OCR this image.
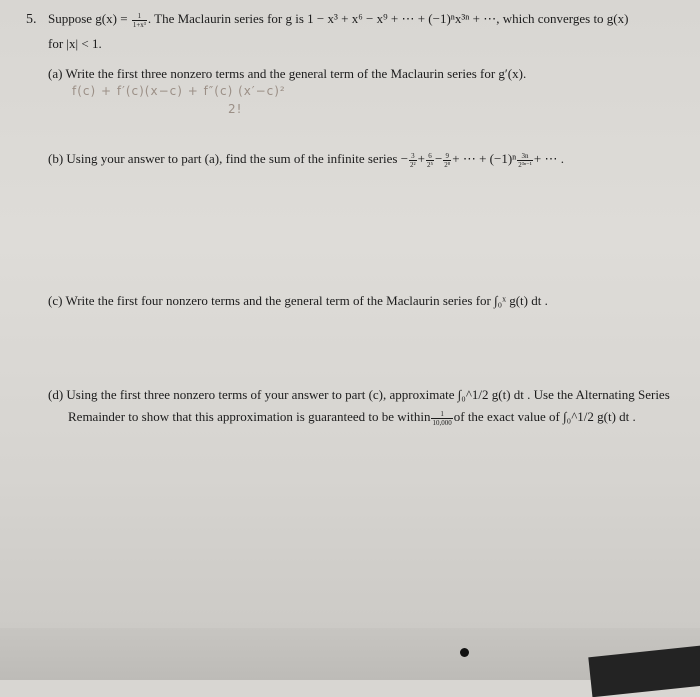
5. Suppose $g(x) = \frac{1}{\text{1+x³}}$ . The Maclaurin series for g is 1 − x³ + x⁶ − x⁹ + ⋯ + (−1)ⁿx³ⁿ + ⋯, which converges to g(x)
for |x| < 1.
(a) Write the first three nonzero terms and the general term of the Maclaurin series for g′(x).
f(c) + f′(c)(x−c) + f″(c) (x′−c)²
2!
(b) Using your answer to part (a), find the sum of the infinite series − $\frac{3}{\text{2²}} + \frac{6}{\text{2⁵}} - \frac{9}{\text{2⁸}}$ + ⋯ + $(-1)^n \frac{3n}{\text{2³ⁿ⁻¹}}$ + ⋯ .
(c) Write the first four nonzero terms and the general term of the Maclaurin series for ∫₀ˣ g(t) dt .
(d) Using the first three nonzero terms of your answer to part (c), approximate ∫₀^1/2 g(t) dt . Use the Alternating Series
Remainder to show that this approximation is guaranteed to be within $\frac{1}{10,000}$ of the exact value of ∫₀^1/2 g(t) dt .
